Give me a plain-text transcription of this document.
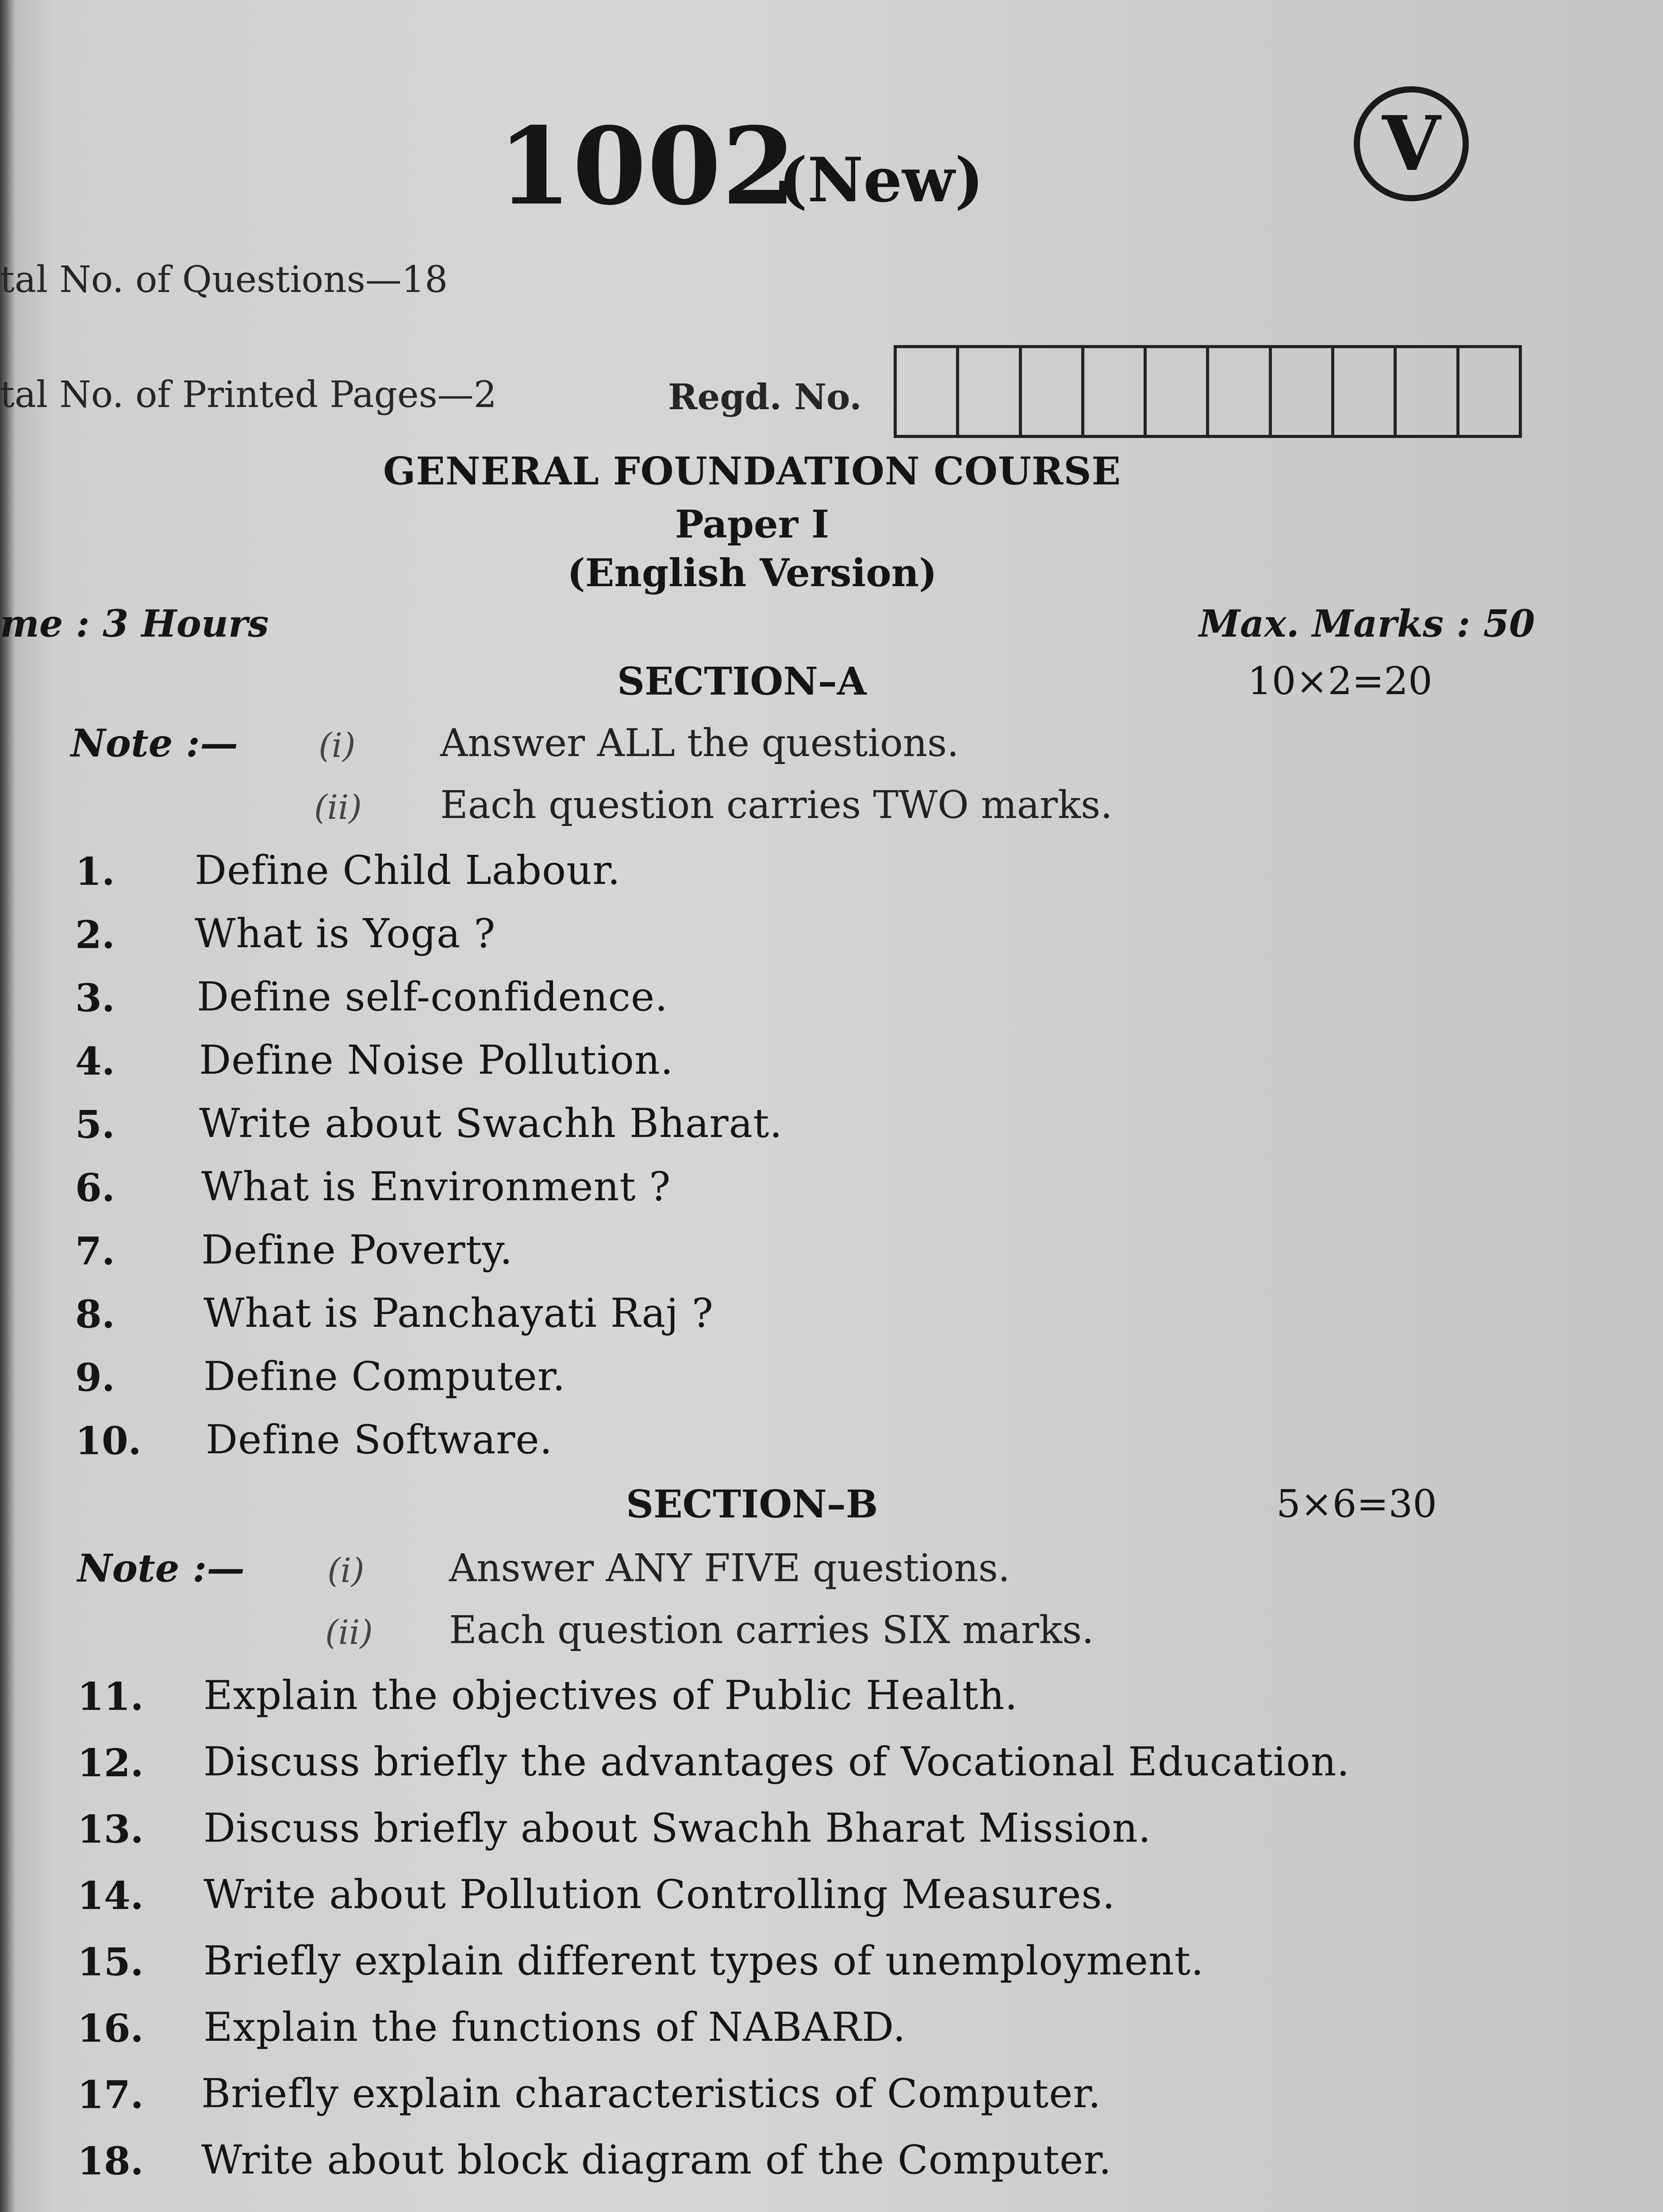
1002
(New)	V
tal No. of Questions—18
tal No. of Printed Pages—2	Regd. No.
GENERAL FOUNDATION COURSE
Paper I
(English Version)
me : 3 Hours	Max. Marks : 50
SECTION–A	10×2=20
Note :— (i) Answer ALL the questions.
(ii) Each question carries TWO marks.
1. Define Child Labour.
2. What is Yoga ?
3. Define self-confidence.
4. Define Noise Pollution.
5. Write about Swachh Bharat.
6. What is Environment ?
7. Define Poverty.
8. What is Panchayati Raj ?
9. Define Computer.
10. Define Software.
SECTION–B	5×6=30
Note :— (i) Answer ANY FIVE questions.
(ii) Each question carries SIX marks.
11. Explain the objectives of Public Health.
12. Discuss briefly the advantages of Vocational Education.
13. Discuss briefly about Swachh Bharat Mission.
14. Write about Pollution Controlling Measures.
15. Briefly explain different types of unemployment.
16. Explain the functions of NABARD.
17. Briefly explain characteristics of Computer.
18. Write about block diagram of the Computer.
